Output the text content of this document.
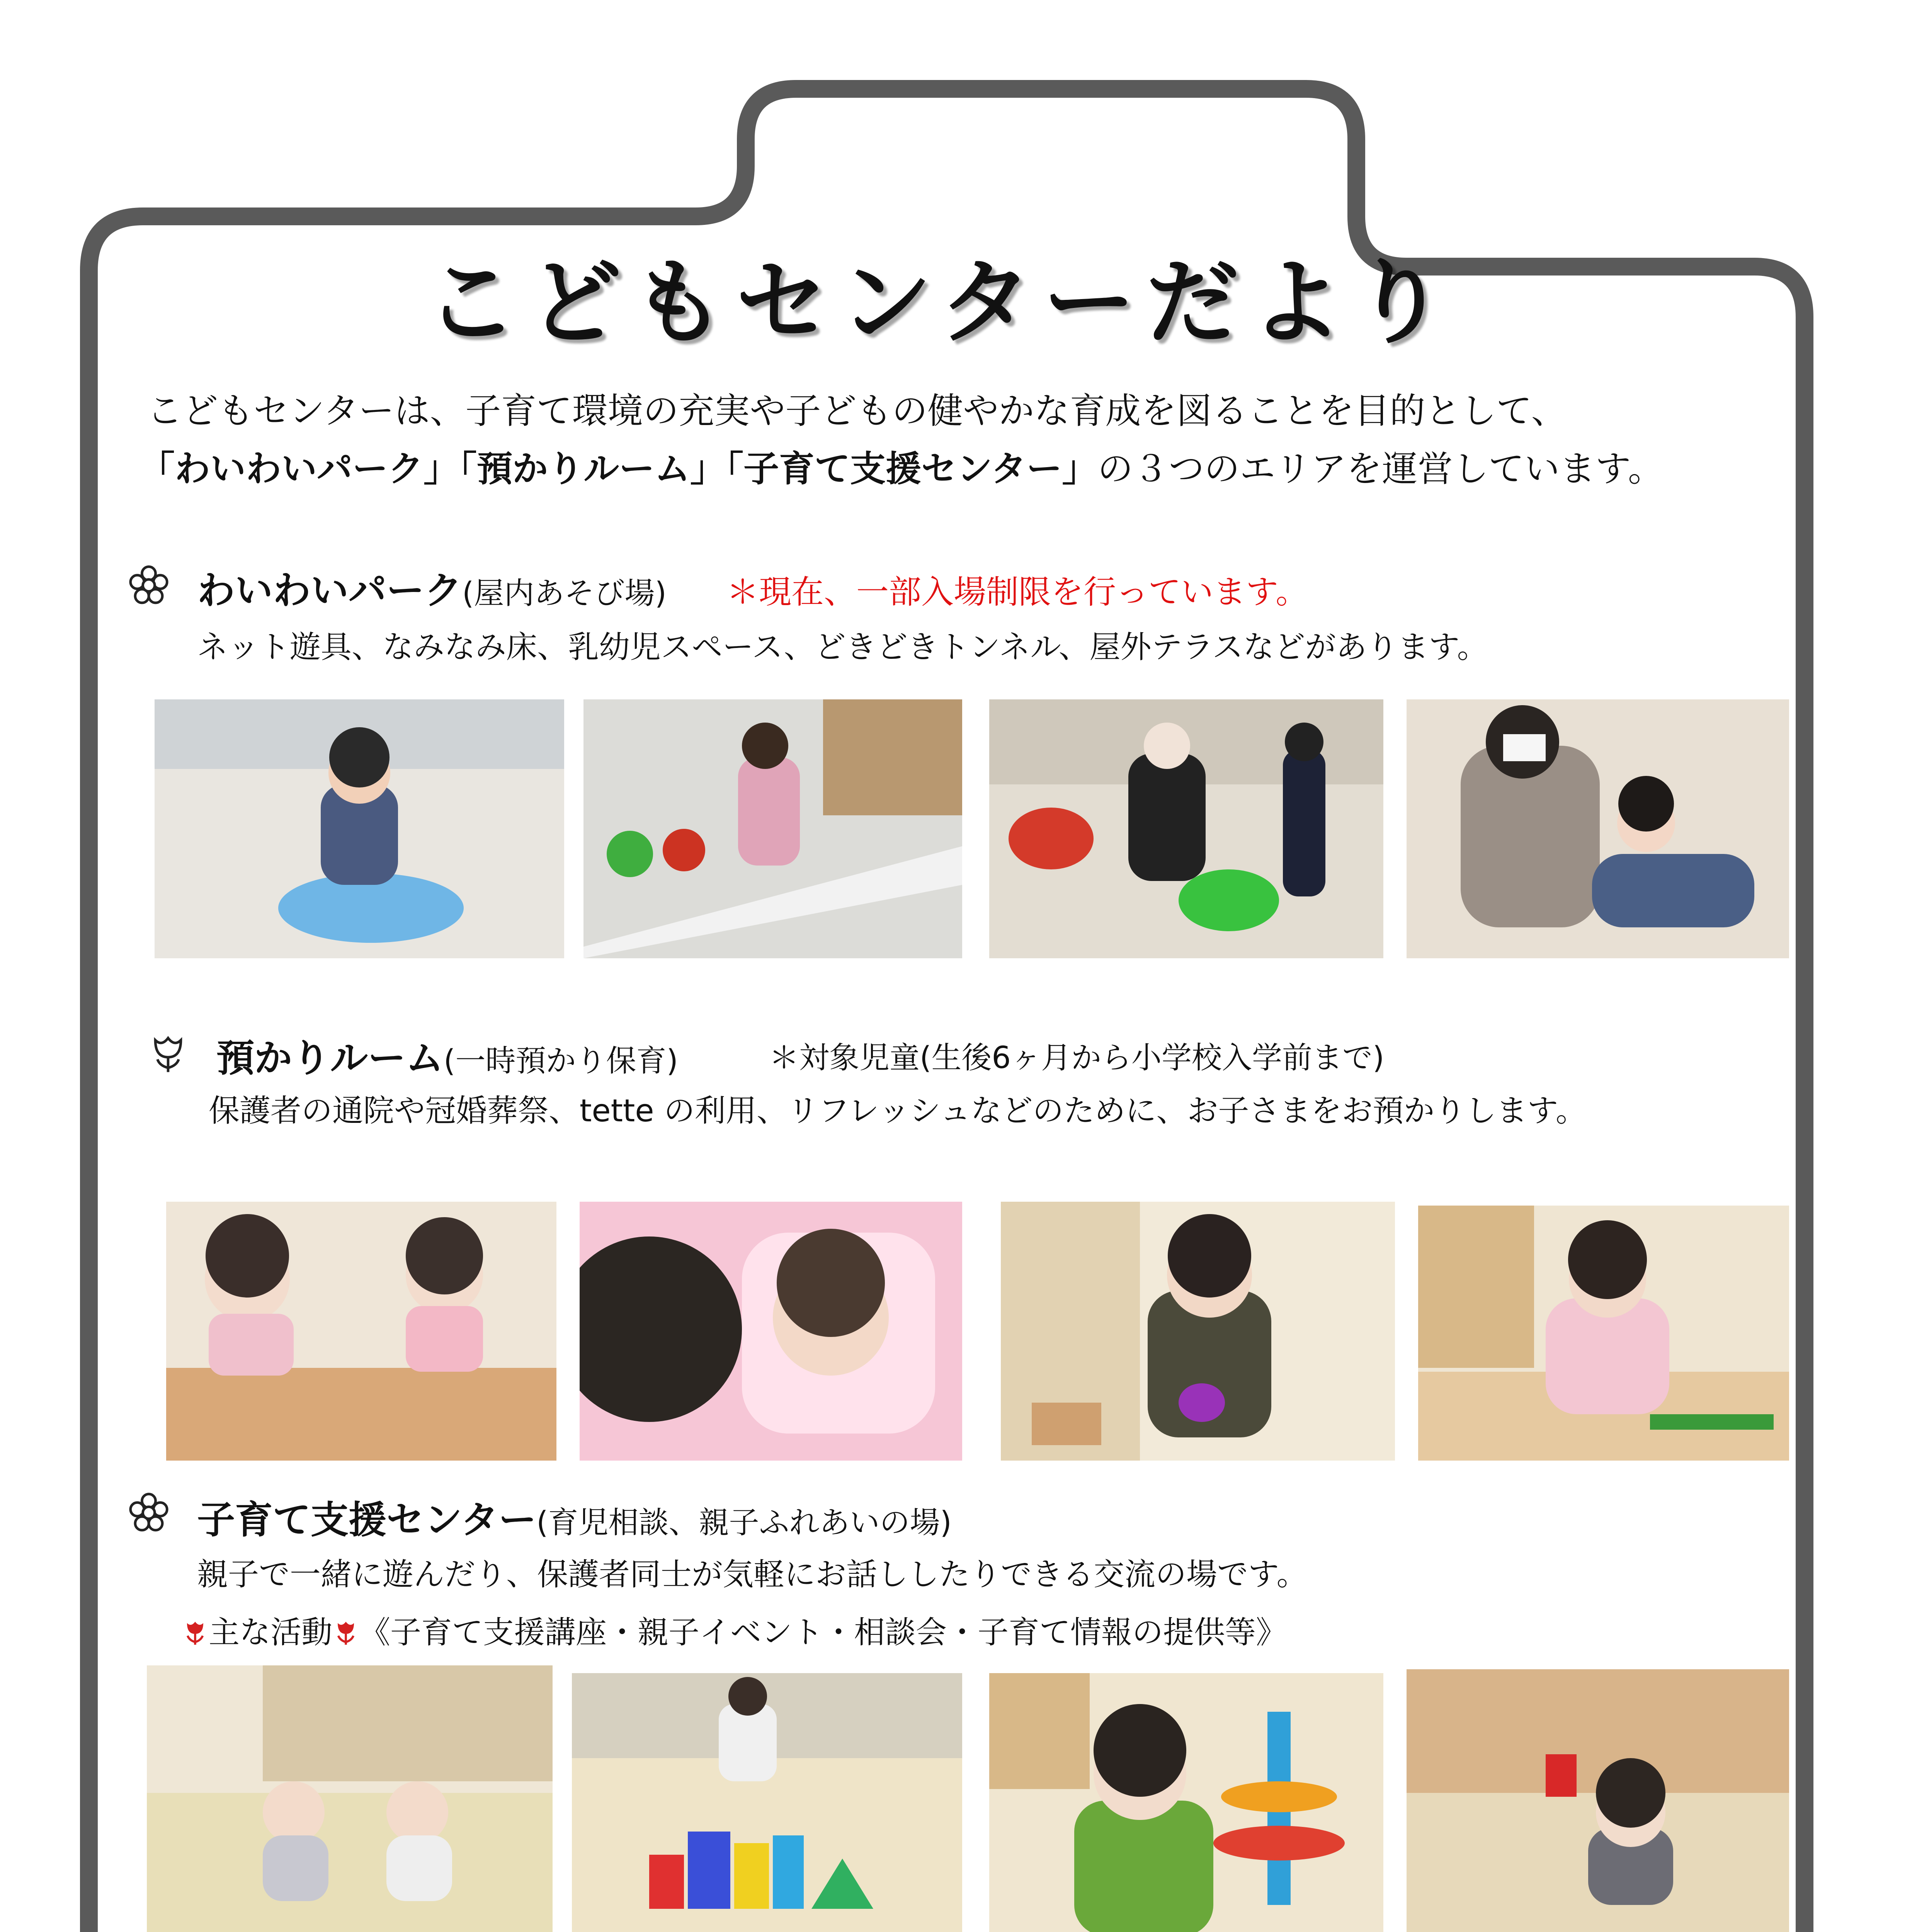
こどもセンターだより
こどもセンターは、子育て環境の充実や子どもの健やかな育成を図ることを目的として、
「わいわいパーク」「預かりルーム」「子育て支援センター」の３つのエリアを運営しています。
わいわいパーク(屋内あそび場) ＊現在、一部入場制限を行っています。
ネット遊具、なみなみ床、乳幼児スペース、どきどきトンネル、屋外テラスなどがあります。
預かりルーム(一時預かり保育)	＊対象児童(生後6ヶ月から小学校入学前まで)
保護者の通院や冠婚葬祭、tette の利用、リフレッシュなどのために、お子さまをお預かりします。
子育て支援センター(育児相談、親子ふれあいの場)
親子で一緒に遊んだり、保護者同士が気軽にお話ししたりできる交流の場です。
主な活動 《子育て支援講座・親子イベント・相談会・子育て情報の提供等》
